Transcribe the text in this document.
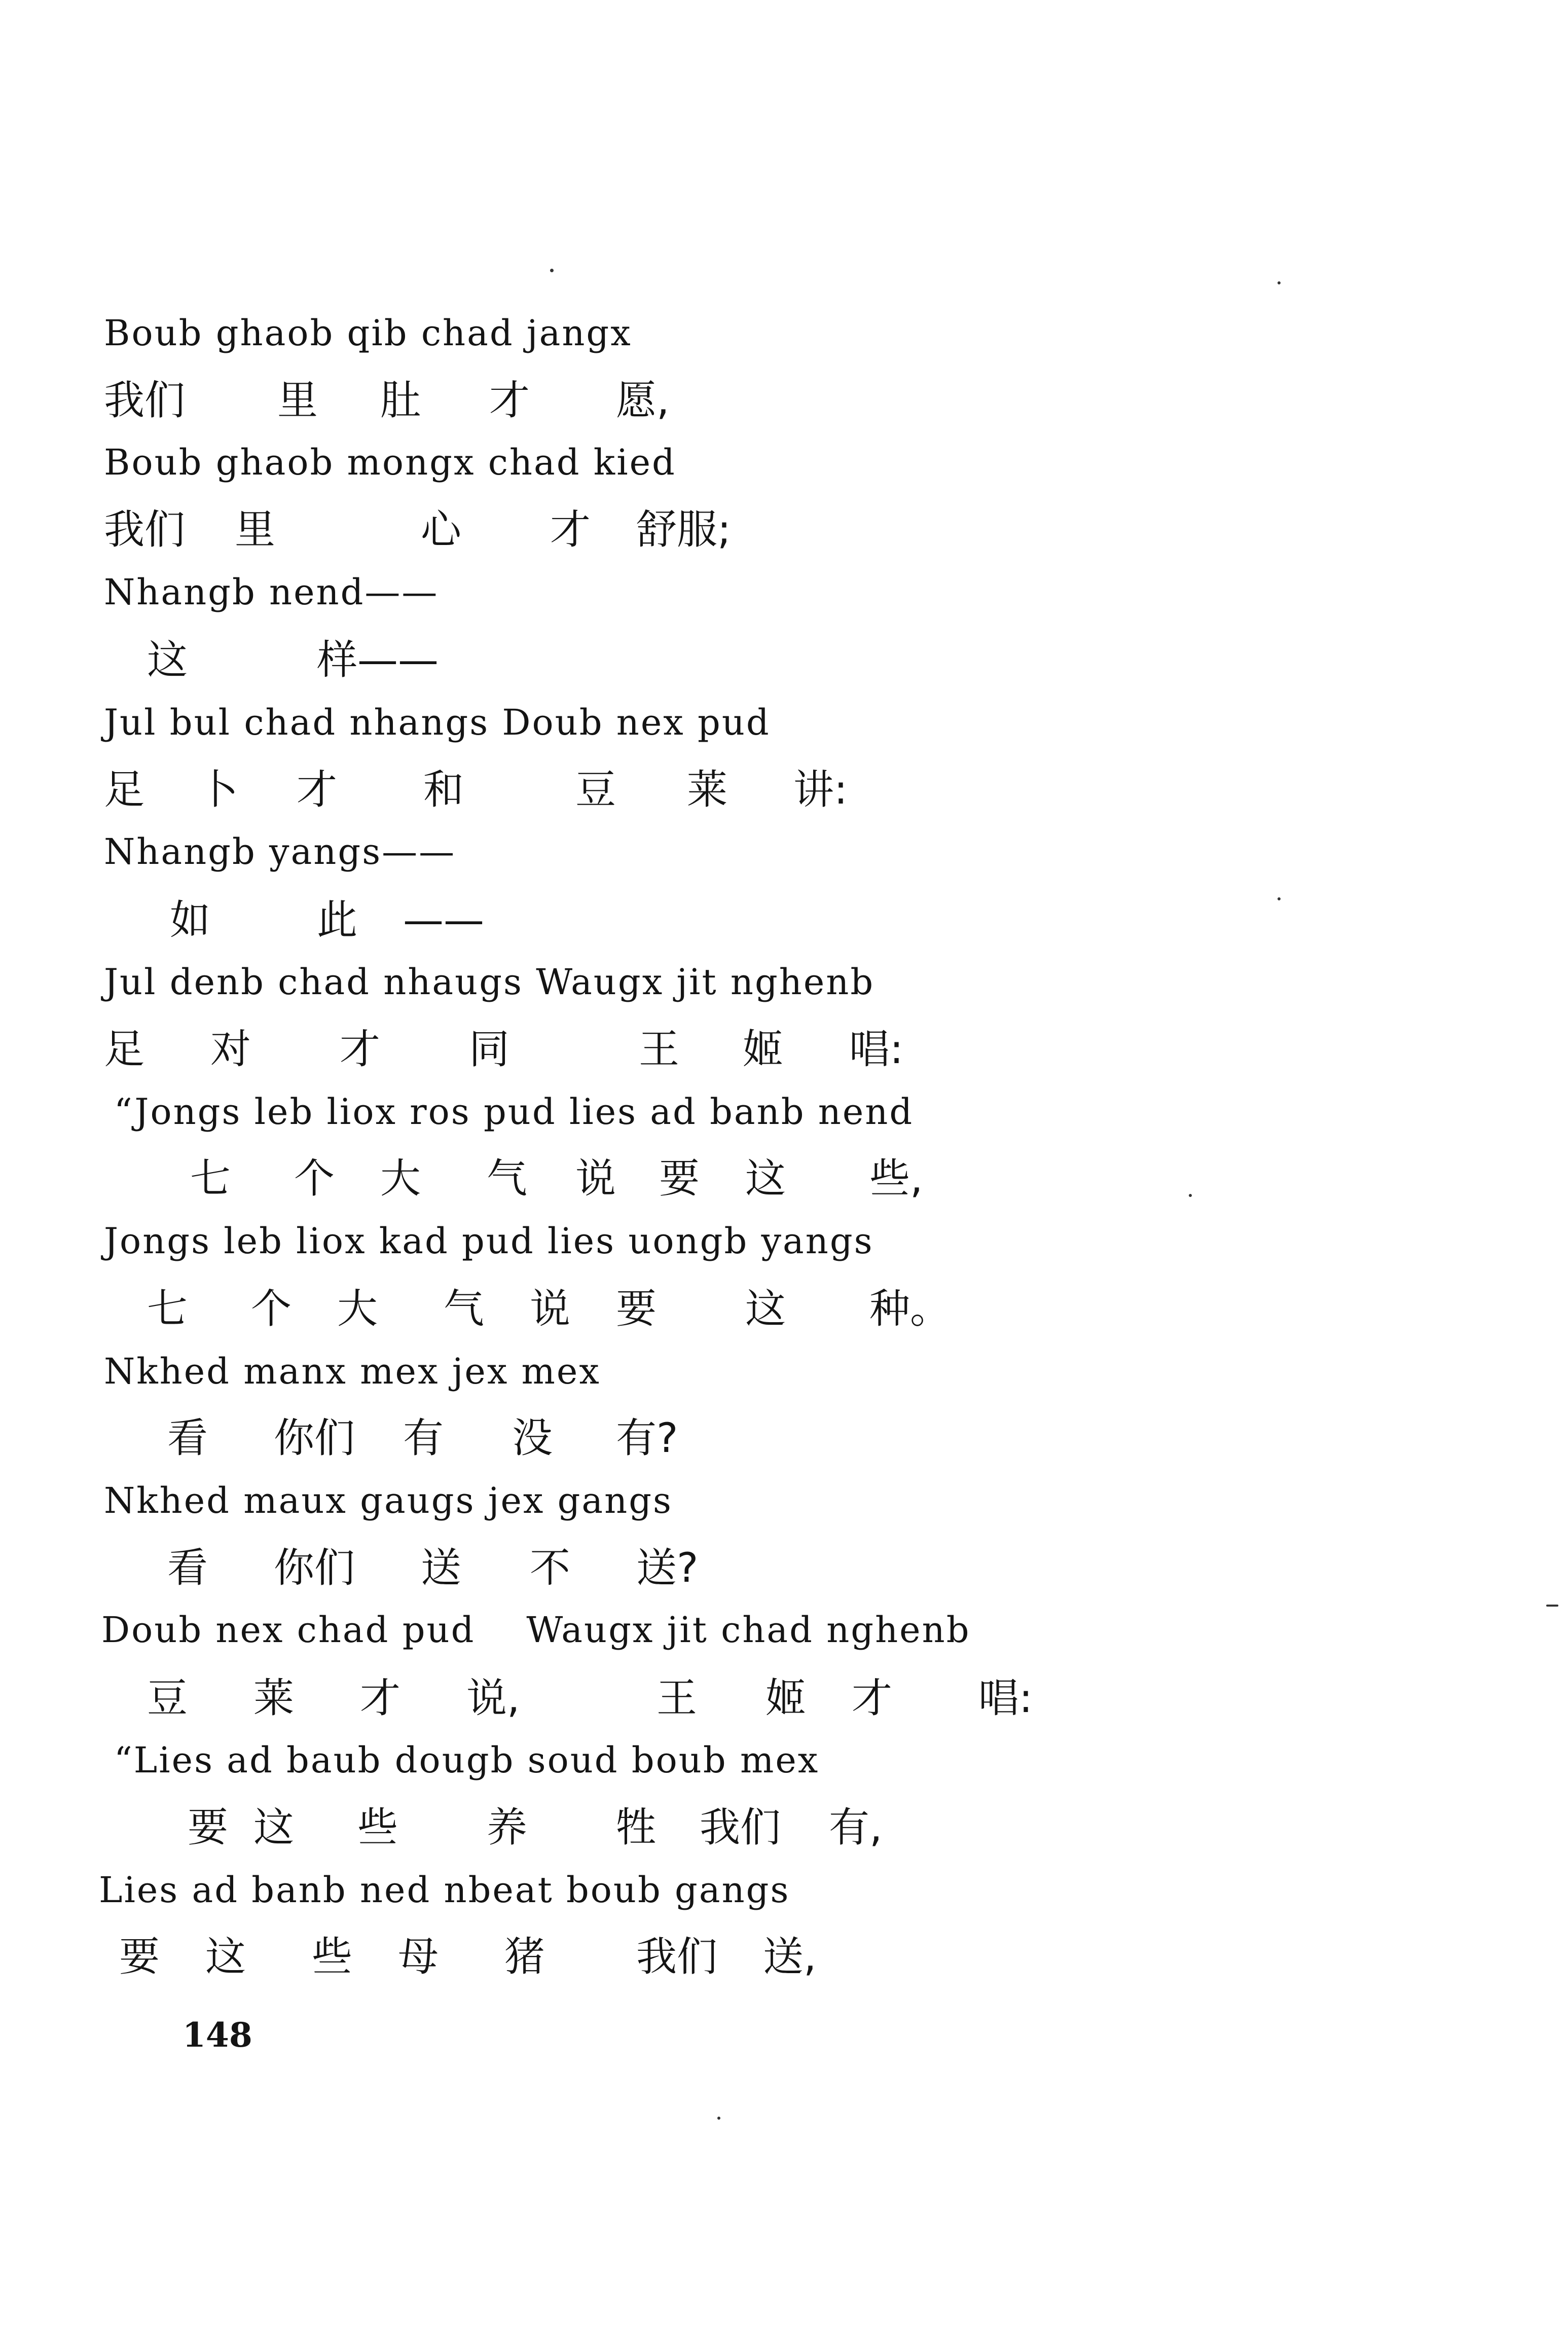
Boub ghaob qib chad jangx

我们

里

肚

才

愿,

Boub ghaob mongx chad kied

我们

里

	心

才

舒服;

Nhangb nend——

这

	样——

Jul bul chad nhangs Doub nex pud

足

卜

才

和

	豆

莱

讲:

Nhangb yangs——

如

	此

——

Jul denb chad nhaugs Waugx jit nghenb

足

对

才

同

	王

姬

唱:

“Jongs leb liox ros pud lies ad banb nend

七

个

大

气

说

要

这

些,

Jongs leb liox kad pud lies uongb yangs

七

个

大

气

说

要

这

种。

Nkhed manx mex jex mex

看

你们

有

没

有?

Nkhed maux gaugs jex gangs

看

你们

送

不

送?

Doub nex chad pud    Waugx jit chad nghenb

豆

莱

才

说,

	王

姬

才

唱:

“Lies ad baub dougb soud boub mex

要

这

些

养

牲

我们

有,

Lies ad banb ned nbeat boub gangs

要

这

些

母

猪

我们

送,

148
